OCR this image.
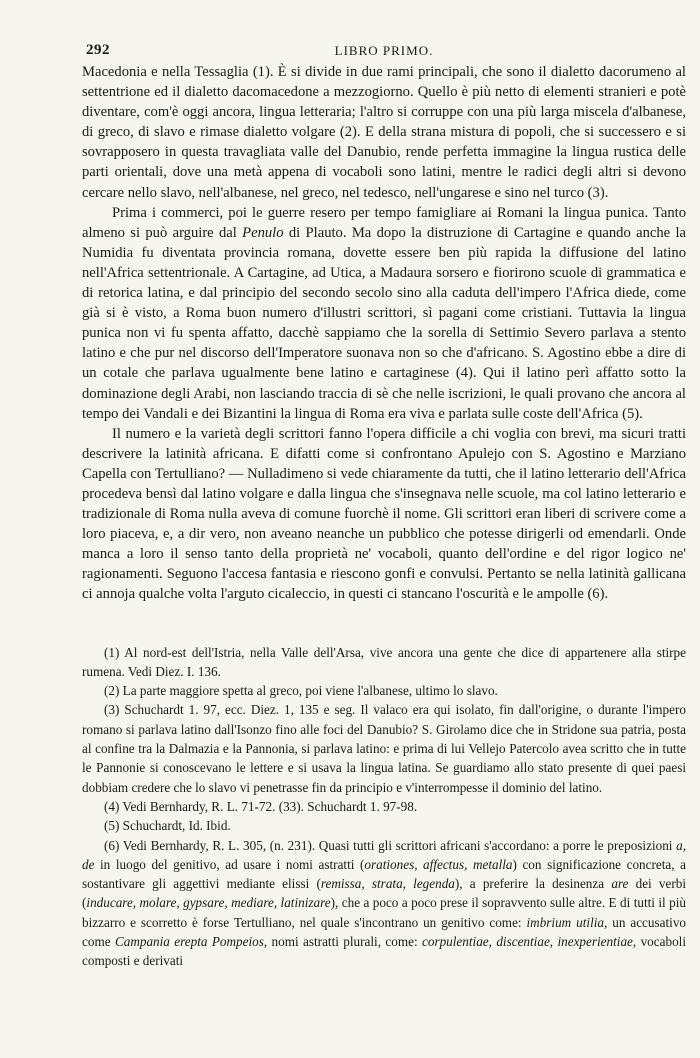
292	LIBRO PRIMO.

Macedonia e nella Tessaglia (1). È si divide in due rami principali, che sono il dialetto dacorumeno al settentrione ed il dialetto dacomacedone a mezzogiorno. Quello è più netto di elementi stranieri e potè diventare, com'è oggi ancora, lingua letteraria; l'altro si corruppe con una più larga miscela d'albanese, di greco, di slavo e rimase dialetto volgare (2). E della strana mistura di popoli, che si successero e si sovrapposero in questa travagliata valle del Danubio, rende perfetta immagine la lingua rustica delle parti orientali, dove una metà appena di vocaboli sono latini, mentre le radici degli altri si devono cercare nello slavo, nell'albanese, nel greco, nel tedesco, nell'ungarese e sino nel turco (3).

Prima i commerci, poi le guerre resero per tempo famigliare ai Romani la lingua punica. Tanto almeno si può arguire dal Penulo di Plauto. Ma dopo la distruzione di Cartagine e quando anche la Numidia fu diventata provincia romana, dovette essere ben più rapida la diffusione del latino nell'Africa settentrionale. A Cartagine, ad Utica, a Madaura sorsero e fiorirono scuole di grammatica e di retorica latina, e dal principio del secondo secolo sino alla caduta dell'impero l'Africa diede, come già si è visto, a Roma buon numero d'illustri scrittori, sì pagani come cristiani. Tuttavia la lingua punica non vi fu spenta affatto, dacchè sappiamo che la sorella di Settimio Severo parlava a stento latino e che pur nel discorso dell'Imperatore suonava non so che d'africano. S. Agostino ebbe a dire di un cotale che parlava ugualmente bene latino e cartaginese (4). Qui il latino perì affatto sotto la dominazione degli Arabi, non lasciando traccia di sè che nelle iscrizioni, le quali provano che ancora al tempo dei Vandali e dei Bizantini la lingua di Roma era viva e parlata sulle coste dell'Africa (5).

Il numero e la varietà degli scrittori fanno l'opera difficile a chi voglia con brevi, ma sicuri tratti descrivere la latinità africana. E difatti come si confrontano Apulejo con S. Agostino e Marziano Capella con Tertulliano? — Nulladimeno si vede chiaramente da tutti, che il latino letterario dell'Africa procedeva bensì dal latino volgare e dalla lingua che s'insegnava nelle scuole, ma col latino letterario e tradizionale di Roma nulla aveva di comune fuorchè il nome. Gli scrittori eran liberi di scrivere come a loro piaceva, e, a dir vero, non aveano neanche un pubblico che potesse dirigerli od emendarli. Onde manca a loro il senso tanto della proprietà ne' vocaboli, quanto dell'ordine e del rigor logico ne' ragionamenti. Seguono l'accesa fantasia e riescono gonfi e convulsi. Pertanto se nella latinità gallicana ci annoja qualche volta l'arguto cicaleccio, in questi ci stancano l'oscurità e le ampolle (6).

(1) Al nord-est dell'Istria, nella Valle dell'Arsa, vive ancora una gente che dice di appartenere alla stirpe rumena. Vedi Diez. I. 136.

(2) La parte maggiore spetta al greco, poi viene l'albanese, ultimo lo slavo.

(3) Schuchardt 1. 97, ecc. Diez. 1, 135 e seg. Il valaco era qui isolato, fin dall'origine, o durante l'impero romano si parlava latino dall'Isonzo fino alle foci del Danubio? S. Girolamo dice che in Stridone sua patria, posta al confine tra la Dalmazia e la Pannonia, si parlava latino: e prima di lui Vellejo Patercolo avea scritto che in tutte le Pannonie si conoscevano le lettere e si usava la lingua latina. Se guardiamo allo stato presente di quei paesi dobbiam credere che lo slavo vi penetrasse fin da principio e v'interrompesse il dominio del latino.

(4) Vedi Bernhardy, R. L. 71-72. (33). Schuchardt 1. 97-98.

(5) Schuchardt, Id. Ibid.

(6) Vedi Bernhardy, R. L. 305, (n. 231). Quasi tutti gli scrittori africani s'accordano: a porre le preposizioni a, de in luogo del genitivo, ad usare i nomi astratti (orationes, affectus, metalla) con significazione concreta, a sostantivare gli aggettivi mediante elissi (remissa, strata, legenda), a preferire la desinenza are dei verbi (inducare, molare, gypsare, mediare, latinizare), che a poco a poco prese il sopravvento sulle altre. E di tutti il più bizzarro e scorretto è forse Tertulliano, nel quale s'incontrano un genitivo come: imbrium utilia, un accusativo come Campania erepta Pompeios, nomi astratti plurali, come: corpulentiae, discentiae, inexperientiae, vocaboli composti e derivati
